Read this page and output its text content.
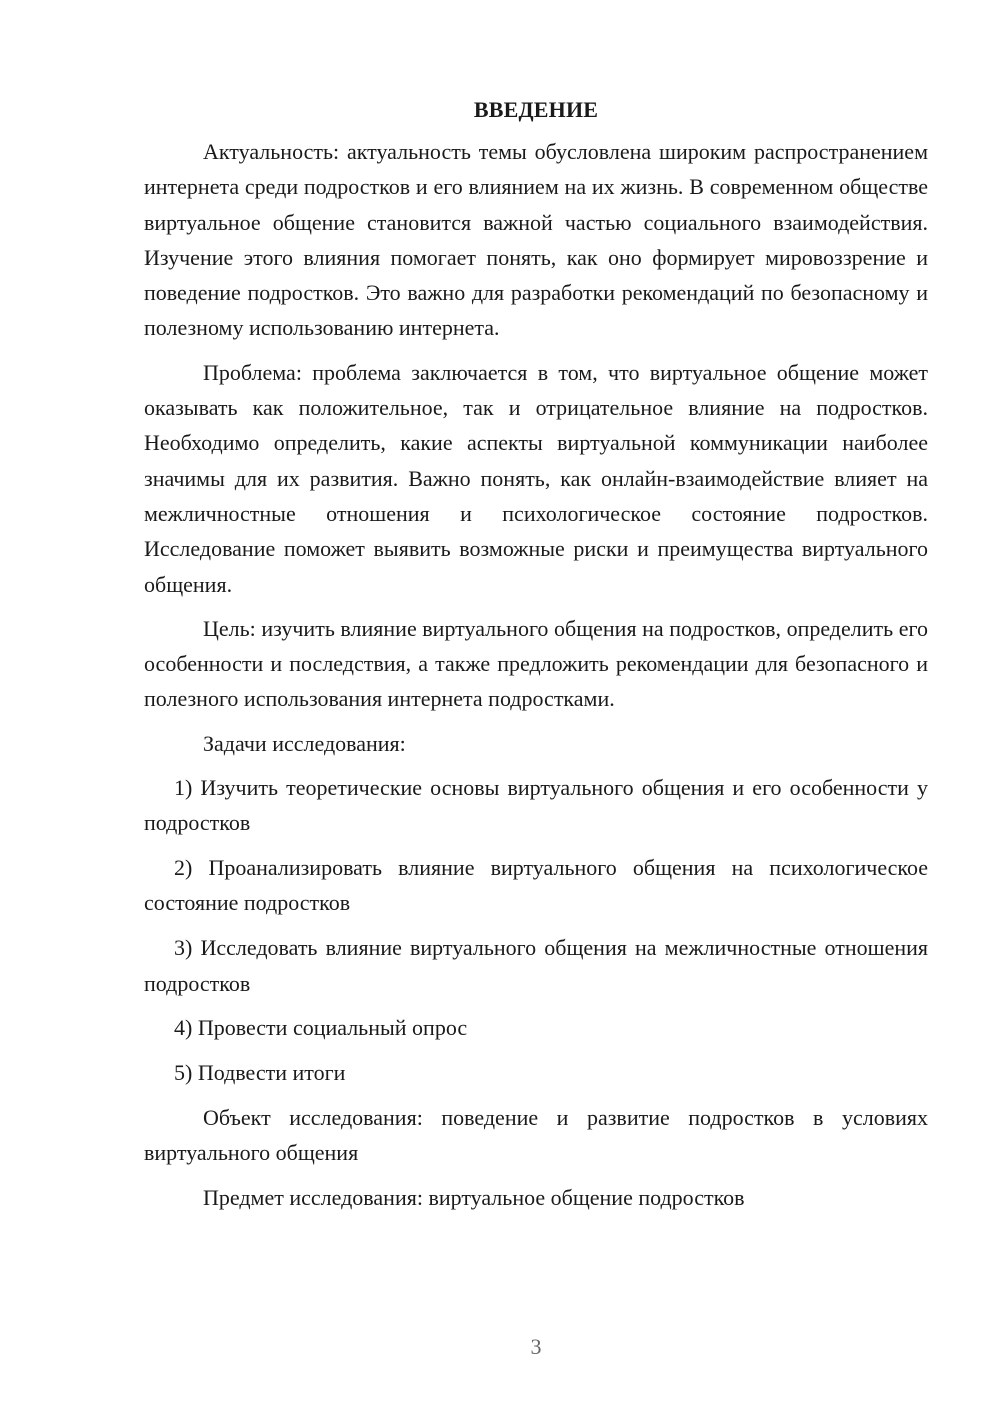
ВВЕДЕНИЕ

Актуальность: актуальность темы обусловлена широким распространением интернета среди подростков и его влиянием на их жизнь. В современном обществе виртуальное общение становится важной частью социального взаимодействия. Изучение этого влияния помогает понять, как оно формирует мировоззрение и поведение подростков. Это важно для разработки рекомендаций по безопасному и полезному использованию интернета.

Проблема: проблема заключается в том, что виртуальное общение может оказывать как положительное, так и отрицательное влияние на подростков. Необходимо определить, какие аспекты виртуальной коммуникации наиболее значимы для их развития. Важно понять, как онлайн-взаимодействие влияет на межличностные отношения и психологическое состояние подростков. Исследование поможет выявить возможные риски и преимущества виртуального общения.

Цель: изучить влияние виртуального общения на подростков, определить его особенности и последствия, а также предложить рекомендации для безопасного и полезного использования интернета подростками.

Задачи исследования:

1) Изучить теоретические основы виртуального общения и его особенности у подростков

2) Проанализировать влияние виртуального общения на психологическое состояние подростков

3) Исследовать влияние виртуального общения на межличностные отношения подростков

4) Провести социальный опрос

5) Подвести итоги

Объект исследования: поведение и развитие подростков в условиях виртуального общения

Предмет исследования: виртуальное общение подростков

3
